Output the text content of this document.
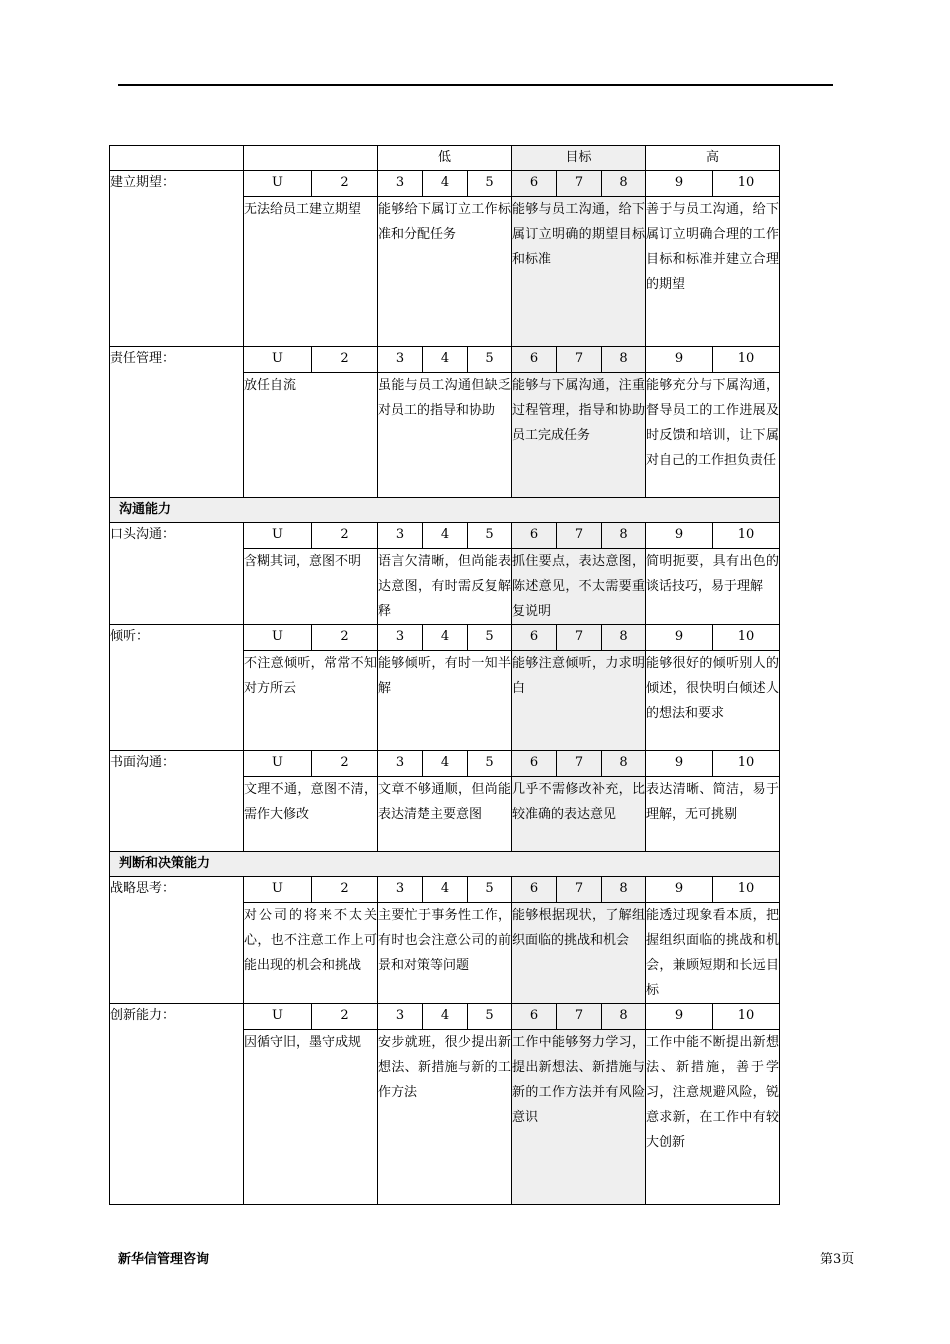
			低			目标			高	
建立期望：	U	2	3	4	5	6	7	8	9	10
	无法给员工建立期望		能够给下属订立工作标准和分配任务			能够与员工沟通，给下属订立明确的期望目标和标准			善于与员工沟通，给下属订立明确合理的工作目标和标准并建立合理的期望	
责任管理：	U	2	3	4	5	6	7	8	9	10
	放任自流		虽能与员工沟通但缺乏对员工的指导和协助			能够与下属沟通，注重过程管理，指导和协助员工完成任务			能够充分与下属沟通，督导员工的工作进展及时反馈和培训，让下属对自己的工作担负责任	
沟通能力										
口头沟通：	U	2	3	4	5	6	7	8	9	10
	含糊其词，意图不明		语言欠清晰，但尚能表达意图，有时需反复解释			抓住要点，表达意图，陈述意见，不太需要重复说明			简明扼要，具有出色的谈话技巧，易于理解	
倾听：	U	2	3	4	5	6	7	8	9	10
	不注意倾听，常常不知对方所云		能够倾听，有时一知半解			能够注意倾听，力求明白			能够很好的倾听别人的倾述，很快明白倾述人的想法和要求	
书面沟通：	U	2	3	4	5	6	7	8	9	10
	文理不通，意图不清，需作大修改		文章不够通顺，但尚能表达清楚主要意图			几乎不需修改补充，比较准确的表达意见			表达清晰、简洁，易于理解，无可挑剔	
判断和决策能力										
战略思考：	U	2	3	4	5	6	7	8	9	10
	对公司的将来不太关心，也不注意工作上可能出现的机会和挑战		主要忙于事务性工作，有时也会注意公司的前景和对策等问题			能够根据现状，了解组织面临的挑战和机会			能透过现象看本质，把握组织面临的挑战和机会，兼顾短期和长远目标	
创新能力：	U	2	3	4	5	6	7	8	9	10
	因循守旧，墨守成规		安步就班，很少提出新想法、新措施与新的工作方法			工作中能够努力学习，提出新想法、新措施与新的工作方法并有风险意识			工作中能不断提出新想法、新措施，善于学习，注意规避风险，锐意求新，在工作中有较大创新	
新华信管理咨询	第3页
